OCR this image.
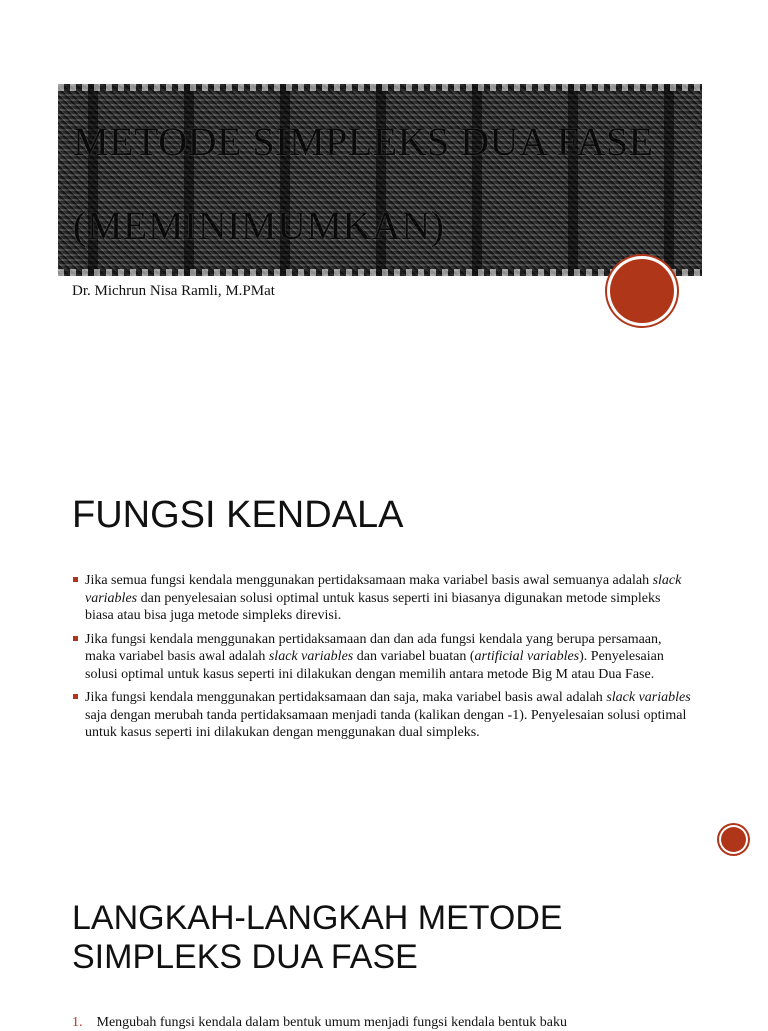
METODE SIMPLEKS DUA FASE
(MEMINIMUMKAN)
Dr. Michrun Nisa Ramli, M.PMat
FUNGSI KENDALA
Jika semua fungsi kendala menggunakan pertidaksamaan maka variabel basis awal semuanya adalah slack variables dan penyelesaian solusi optimal untuk kasus seperti ini biasanya digunakan metode simpleks biasa atau bisa juga metode simpleks direvisi.
Jika fungsi kendala menggunakan pertidaksamaan dan dan ada fungsi kendala yang berupa persamaan, maka variabel basis awal adalah slack variables dan variabel buatan (artificial variables). Penyelesaian solusi optimal untuk kasus seperti ini dilakukan dengan memilih antara metode Big M atau Dua Fase.
Jika fungsi kendala menggunakan pertidaksamaan dan saja, maka variabel basis awal adalah slack variables saja dengan merubah tanda pertidaksamaan menjadi tanda (kalikan dengan -1). Penyelesaian solusi optimal untuk kasus seperti ini dilakukan dengan menggunakan dual simpleks.
LANGKAH-LANGKAH METODE
SIMPLEKS DUA FASE
1. Mengubah fungsi kendala dalam bentuk umum menjadi fungsi kendala bentuk baku
